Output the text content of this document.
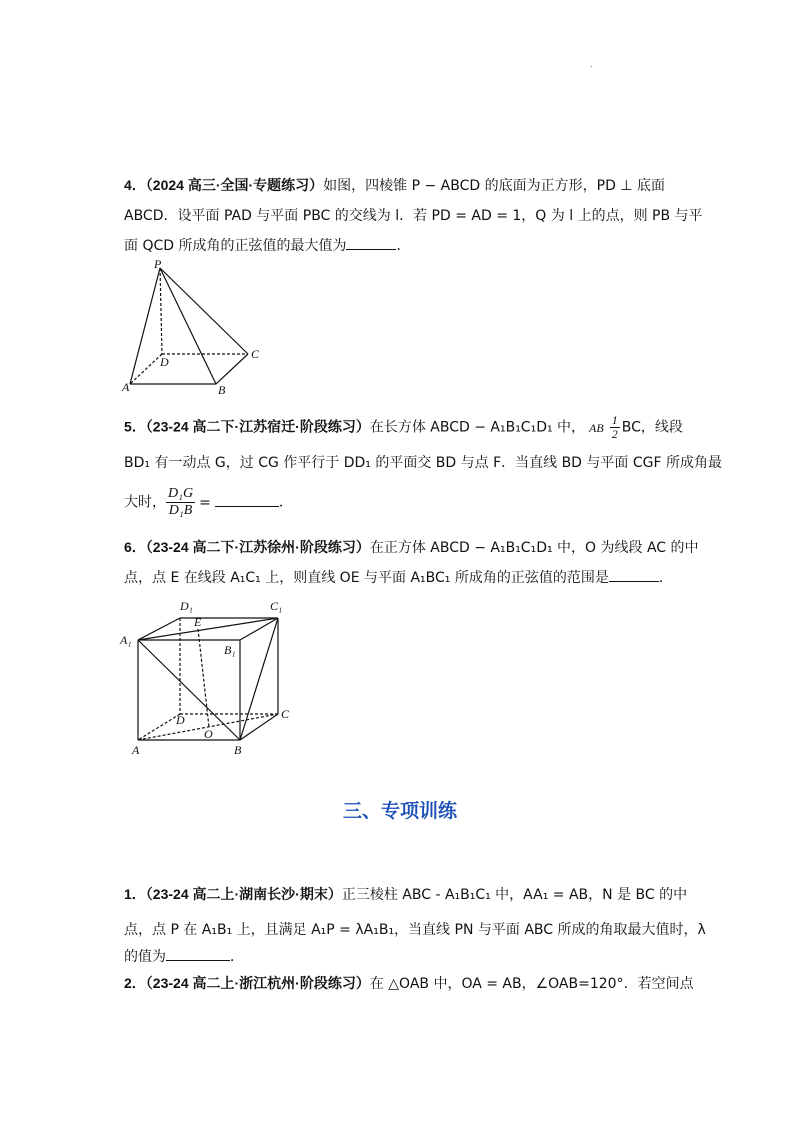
.
4．（2024 高三·全国·专题练习）如图，四棱锥 P − ABCD 的底面为正方形，PD ⊥ 底面
ABCD．设平面 PAD 与平面 PBC 的交线为 l．若 PD = AD = 1，Q 为 l 上的点，则 PB 与平
面 QCD 所成角的正弦值的最大值为	．
P
D
C
A	B
5．（23-24 高二下·江苏宿迁·阶段练习）在长方体 ABCD − A₁B₁C₁D₁ 中， AB $\frac{1}{2}$ BC，线段
BD₁ 有一动点 G，过 CG 作平行于 DD₁ 的平面交 BD 与点 F．当直线 BD 与平面 CGF 所成角最
大时， $\frac{\text{D₁G}}{\text{D₁B}}$ =	．
6．（23-24 高二下·江苏徐州·阶段练习）在正方体 ABCD − A₁B₁C₁D₁ 中，O 为线段 AC 的中
点，点 E 在线段 A₁C₁ 上，则直线 OE 与平面 A₁BC₁ 所成角的正弦值的范围是	．
D₁	C₁
E
A₁
B₁
D	C
O
A	B
三、专项训练
1．（23-24 高二上·湖南长沙·期末）正三棱柱 ABC - A₁B₁C₁ 中，AA₁ = AB，N 是 BC 的中
点，点 P 在 A₁B₁ 上，且满足 A₁P = λA₁B₁，当直线 PN 与平面 ABC 所成的角取最大值时，λ
的值为	．
2．（23-24 高二上·浙江杭州·阶段练习）在 △OAB 中，OA = AB，∠OAB=120°．若空间点
